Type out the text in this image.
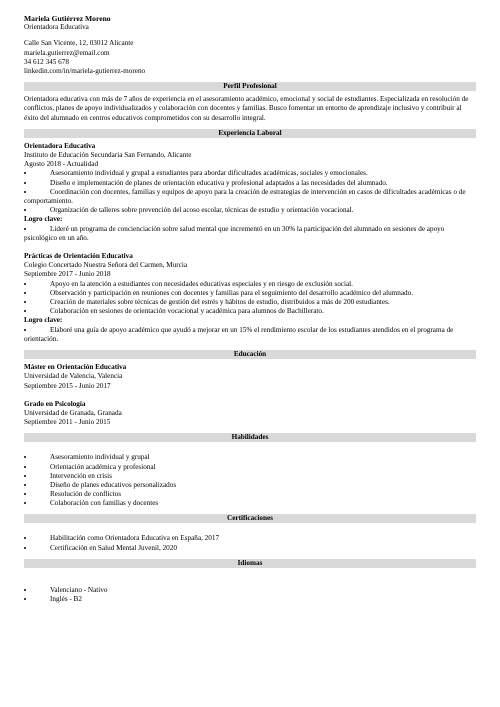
Mariela Gutiérrez Moreno
Orientadora Educativa
Calle San Vicente, 12, 03012 Alicante
mariela.gutierrez@email.com
34 612 345 678
linkedin.com/in/mariela-gutierrez-moreno
Perfil Profesional

Orientadora educativa con más de 7 años de experiencia en el asesoramiento académico, emocional y social de estudiantes. Especializada en resolución de conflictos, planes de apoyo individualizados y colaboración con docentes y familias. Busco fomentar un entorno de aprendizaje inclusivo y contribuir al éxito del alumnado en centros educativos comprometidos con su desarrollo integral.

Experiencia Laboral
Orientadora Educativa
Instituto de Educación Secundaria San Fernando, Alicante
Agosto 2018 - Actualidad
Asesoramiento individual y grupal a estudiantes para abordar dificultades académicas, sociales y emocionales.
Diseño e implementación de planes de orientación educativa y profesional adaptados a las necesidades del alumnado.
Coordinación con docentes, familias y equipos de apoyo para la creación de estrategias de intervención en casos de dificultades académicas o de comportamiento.
Organización de talleres sobre prevención del acoso escolar, técnicas de estudio y orientación vocacional.
Logro clave:
Lideré un programa de concienciación sobre salud mental que incrementó en un 30% la participación del alumnado en sesiones de apoyo psicológico en un año.
Prácticas de Orientación Educativa
Colegio Concertado Nuestra Señora del Carmen, Murcia
Septiembre 2017 - Junio 2018
Apoyo en la atención a estudiantes con necesidades educativas especiales y en riesgo de exclusión social.
Observación y participación en reuniones con docentes y familias para el seguimiento del desarrollo académico del alumnado.
Creación de materiales sobre técnicas de gestión del estrés y hábitos de estudio, distribuidos a más de 200 estudiantes.
Colaboración en sesiones de orientación vocacional y académica para alumnos de Bachillerato.
Logro clave:
Elaboré una guía de apoyo académico que ayudó a mejorar en un 15% el rendimiento escolar de los estudiantes atendidos en el programa de orientación.
Educación
Máster en Orientación Educativa
Universidad de Valencia, Valencia
Septiembre 2015 - Junio 2017
Grado en Psicología
Universidad de Granada, Granada
Septiembre 2011 - Junio 2015
Habilidades
Asesoramiento individual y grupal
Orientación académica y profesional
Intervención en crisis
Diseño de planes educativos personalizados
Resolución de conflictos
Colaboración con familias y docentes
Certificaciones
Habilitación como Orientadora Educativa en España, 2017
Certificación en Salud Mental Juvenil, 2020
Idiomas
Valenciano - Nativo
Inglés - B2
